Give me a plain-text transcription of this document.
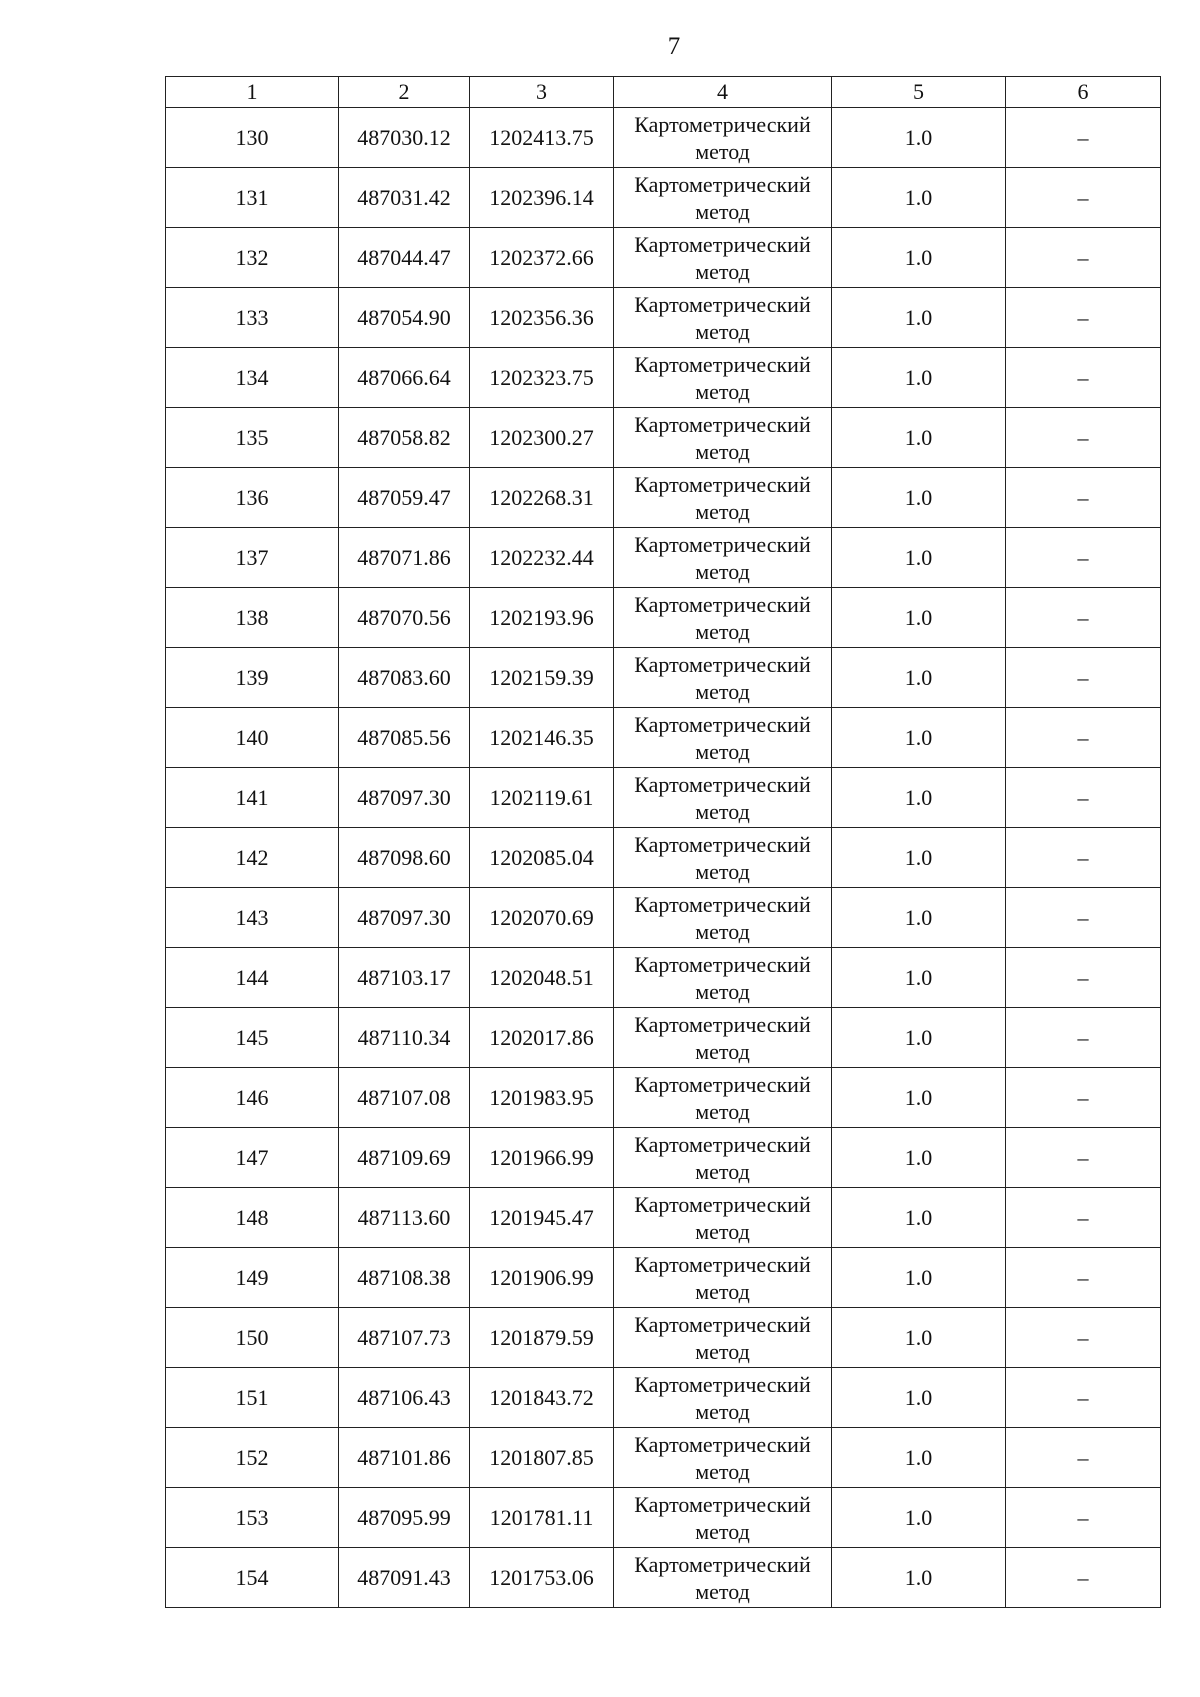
7
1	2	3	4	5	6
130	487030.12	1202413.75	Картометрический метод	1.0	–
131	487031.42	1202396.14	Картометрический метод	1.0	–
132	487044.47	1202372.66	Картометрический метод	1.0	–
133	487054.90	1202356.36	Картометрический метод	1.0	–
134	487066.64	1202323.75	Картометрический метод	1.0	–
135	487058.82	1202300.27	Картометрический метод	1.0	–
136	487059.47	1202268.31	Картометрический метод	1.0	–
137	487071.86	1202232.44	Картометрический метод	1.0	–
138	487070.56	1202193.96	Картометрический метод	1.0	–
139	487083.60	1202159.39	Картометрический метод	1.0	–
140	487085.56	1202146.35	Картометрический метод	1.0	–
141	487097.30	1202119.61	Картометрический метод	1.0	–
142	487098.60	1202085.04	Картометрический метод	1.0	–
143	487097.30	1202070.69	Картометрический метод	1.0	–
144	487103.17	1202048.51	Картометрический метод	1.0	–
145	487110.34	1202017.86	Картометрический метод	1.0	–
146	487107.08	1201983.95	Картометрический метод	1.0	–
147	487109.69	1201966.99	Картометрический метод	1.0	–
148	487113.60	1201945.47	Картометрический метод	1.0	–
149	487108.38	1201906.99	Картометрический метод	1.0	–
150	487107.73	1201879.59	Картометрический метод	1.0	–
151	487106.43	1201843.72	Картометрический метод	1.0	–
152	487101.86	1201807.85	Картометрический метод	1.0	–
153	487095.99	1201781.11	Картометрический метод	1.0	–
154	487091.43	1201753.06	Картометрический метод	1.0	–
